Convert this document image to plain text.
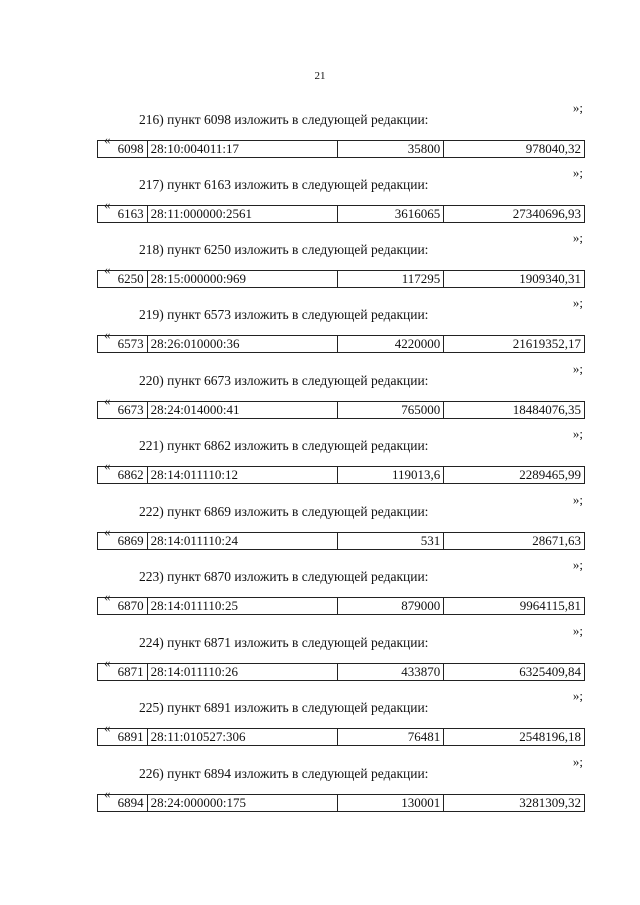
21
»;
216) пункт 6098 изложить в следующей редакции:
«
6098	28:10:004011:17	35800	978040,32
»;
217) пункт 6163 изложить в следующей редакции:
«
6163	28:11:000000:2561	3616065	27340696,93
»;
218) пункт 6250 изложить в следующей редакции:
«
6250	28:15:000000:969	117295	1909340,31
»;
219) пункт 6573 изложить в следующей редакции:
«
6573	28:26:010000:36	4220000	21619352,17
»;
220) пункт 6673 изложить в следующей редакции:
«
6673	28:24:014000:41	765000	18484076,35
»;
221) пункт 6862 изложить в следующей редакции:
«
6862	28:14:011110:12	119013,6	2289465,99
»;
222) пункт 6869 изложить в следующей редакции:
«
6869	28:14:011110:24	531	28671,63
»;
223) пункт 6870 изложить в следующей редакции:
«
6870	28:14:011110:25	879000	9964115,81
»;
224) пункт 6871 изложить в следующей редакции:
«
6871	28:14:011110:26	433870	6325409,84
»;
225) пункт 6891 изложить в следующей редакции:
«
6891	28:11:010527:306	76481	2548196,18
»;
226) пункт 6894 изложить в следующей редакции:
«
6894	28:24:000000:175	130001	3281309,32
